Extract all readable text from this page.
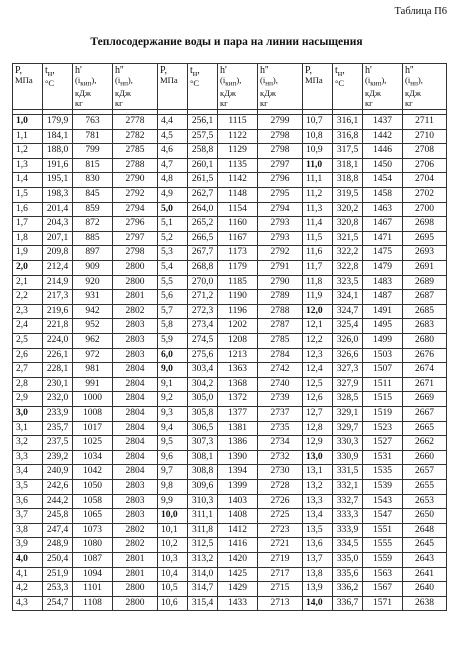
Таблица П6
Теплосодержание воды и пара на линии насыщения
P,
МПа	$t_н$,
°C	h'
$(i_{кип})$,
кДж
кг	h''
$(i_{нп})$,
кДж
кг	P,
МПа	$t_н$,
°C	h'
$(i_{кип})$,
кДж
кг	h''
$(i_{нп})$,
кДж
кг	P,
МПа	$t_н$,
°C	h'
$(i_{кип})$,
кДж
кг	h''
$(i_{нп})$,
кДж
кг

1,0	179,9	763	2778	4,4	256,1	1115	2799	10,7	316,1	1437	2711
1,1	184,1	781	2782	4,5	257,5	1122	2798	10,8	316,8	1442	2710
1,2	188,0	799	2785	4,6	258,8	1129	2798	10,9	317,5	1446	2708
1,3	191,6	815	2788	4,7	260,1	1135	2797	11,0	318,1	1450	2706
1,4	195,1	830	2790	4,8	261,5	1142	2796	11,1	318,8	1454	2704
1,5	198,3	845	2792	4,9	262,7	1148	2795	11,2	319,5	1458	2702
1,6	201,4	859	2794	5,0	264,0	1154	2794	11,3	320,2	1463	2700
1,7	204,3	872	2796	5,1	265,2	1160	2793	11,4	320,8	1467	2698
1,8	207,1	885	2797	5,2	266,5	1167	2793	11,5	321,5	1471	2695
1,9	209,8	897	2798	5,3	267,7	1173	2792	11,6	322,2	1475	2693
2,0	212,4	909	2800	5,4	268,8	1179	2791	11,7	322,8	1479	2691
2,1	214,9	920	2800	5,5	270,0	1185	2790	11,8	323,5	1483	2689
2,2	217,3	931	2801	5,6	271,2	1190	2789	11,9	324,1	1487	2687
2,3	219,6	942	2802	5,7	272,3	1196	2788	12,0	324,7	1491	2685
2,4	221,8	952	2803	5,8	273,4	1202	2787	12,1	325,4	1495	2683
2,5	224,0	962	2803	5,9	274,5	1208	2785	12,2	326,0	1499	2680
2,6	226,1	972	2803	6,0	275,6	1213	2784	12,3	326,6	1503	2676
2,7	228,1	981	2804	9,0	303,4	1363	2742	12,4	327,3	1507	2674
2,8	230,1	991	2804	9,1	304,2	1368	2740	12,5	327,9	1511	2671
2,9	232,0	1000	2804	9,2	305,0	1372	2739	12,6	328,5	1515	2669
3,0	233,9	1008	2804	9,3	305,8	1377	2737	12,7	329,1	1519	2667
3,1	235,7	1017	2804	9,4	306,5	1381	2735	12,8	329,7	1523	2665
3,2	237,5	1025	2804	9,5	307,3	1386	2734	12,9	330,3	1527	2662
3,3	239,2	1034	2804	9,6	308,1	1390	2732	13,0	330,9	1531	2660
3,4	240,9	1042	2804	9,7	308,8	1394	2730	13,1	331,5	1535	2657
3,5	242,6	1050	2803	9,8	309,6	1399	2728	13,2	332,1	1539	2655
3,6	244,2	1058	2803	9,9	310,3	1403	2726	13,3	332,7	1543	2653
3,7	245,8	1065	2803	10,0	311,1	1408	2725	13,4	333,3	1547	2650
3,8	247,4	1073	2802	10,1	311,8	1412	2723	13,5	333,9	1551	2648
3,9	248,9	1080	2802	10,2	312,5	1416	2721	13,6	334,5	1555	2645
4,0	250,4	1087	2801	10,3	313,2	1420	2719	13,7	335,0	1559	2643
4,1	251,9	1094	2801	10,4	314,0	1425	2717	13,8	335,6	1563	2641
4,2	253,3	1101	2800	10,5	314,7	1429	2715	13,9	336,2	1567	2640
4,3	254,7	1108	2800	10,6	315,4	1433	2713	14,0	336,7	1571	2638
